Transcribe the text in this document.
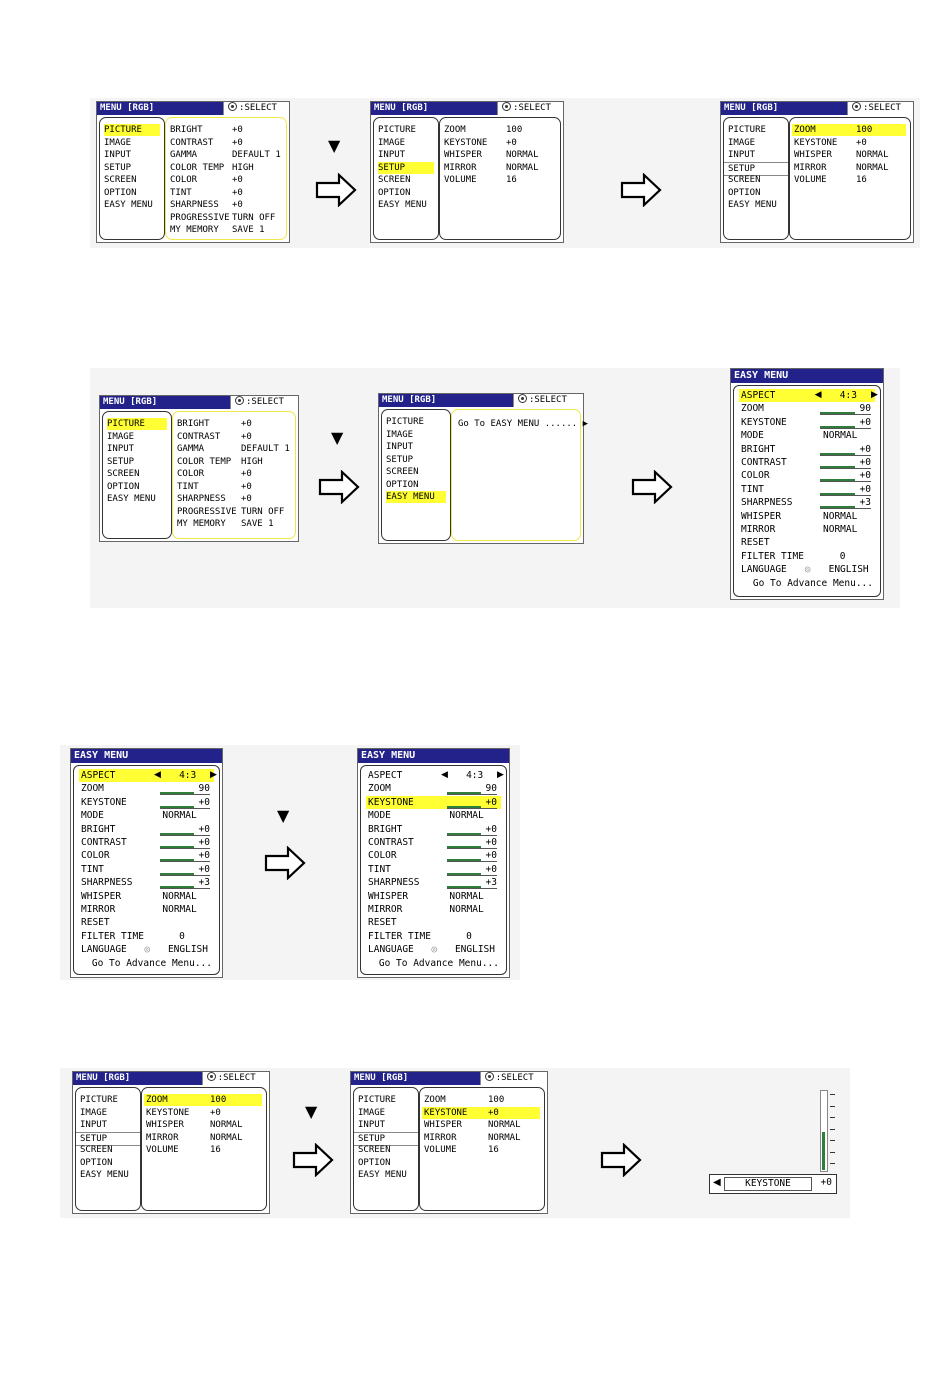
MENU [RGB]	:SELECT
PICTURE
IMAGE
INPUT
SETUP
SCREEN
OPTION
EASY MENU
BRIGHT	+0
CONTRAST +0
GAMMA	DEFAULT 1
COLOR TEMP HIGH
COLOR	+0
TINT	+0
SHARPNESS +0
PROGRESSIVE TURN OFF
MY MEMORY SAVE 1
▼
MENU [RGB]	:SELECT
PICTURE
IMAGE
INPUT
SETUP
SCREEN
OPTION
EASY MENU
ZOOM	100
KEYSTONE +0
WHISPER	NORMAL
MIRROR	NORMAL
VOLUME	16
MENU [RGB]	:SELECT
PICTURE
IMAGE
INPUT
SETUP
SCREEN
OPTION
EASY MENU
ZOOM	100
KEYSTONE +0
WHISPER	NORMAL
MIRROR	NORMAL
VOLUME	16
MENU [RGB]	:SELECT
PICTURE
IMAGE
INPUT
SETUP
SCREEN
OPTION
EASY MENU
BRIGHT	+0
CONTRAST +0
GAMMA	DEFAULT 1
COLOR TEMP HIGH
COLOR	+0
TINT	+0
SHARPNESS +0
PROGRESSIVE TURN OFF
MY MEMORY SAVE 1
▼
MENU [RGB]	:SELECT
PICTURE
IMAGE
INPUT
SETUP
SCREEN
OPTION
EASY MENU
Go To EASY MENU ...... ▶
EASY MENU
ASPECT	◀ 4:3 ▶
ZOOM	90
KEYSTONE	+0
MODE	NORMAL
BRIGHT	+0
CONTRAST	+0
COLOR	+0
TINT	+0
SHARPNESS	+3
WHISPER	NORMAL
MIRROR	NORMAL
RESET
FILTER TIME	0
LANGUAGE ◎ ENGLISH
Go To Advance Menu...
EASY MENU
ASPECT	◀ 4:3 ▶
ZOOM	90
KEYSTONE	+0
MODE	NORMAL
BRIGHT	+0
CONTRAST	+0
COLOR	+0
TINT	+0
SHARPNESS	+3
WHISPER	NORMAL
MIRROR	NORMAL
RESET
FILTER TIME	0
LANGUAGE ◎ ENGLISH
Go To Advance Menu...
▼
EASY MENU
ASPECT	◀ 4:3 ▶
ZOOM	90
KEYSTONE	+0
MODE	NORMAL
BRIGHT	+0
CONTRAST	+0
COLOR	+0
TINT	+0
SHARPNESS	+3
WHISPER	NORMAL
MIRROR	NORMAL
RESET
FILTER TIME	0
LANGUAGE ◎ ENGLISH
Go To Advance Menu...
MENU [RGB]	:SELECT
PICTURE
IMAGE
INPUT
SETUP
SCREEN
OPTION
EASY MENU
ZOOM	100
KEYSTONE +0
WHISPER	NORMAL
MIRROR	NORMAL
VOLUME	16
▼
MENU [RGB]	:SELECT
PICTURE
IMAGE
INPUT
SETUP
SCREEN
OPTION
EASY MENU
ZOOM	100
KEYSTONE +0
WHISPER	NORMAL
MIRROR	NORMAL
VOLUME	16
◀	KEYSTONE	+0
